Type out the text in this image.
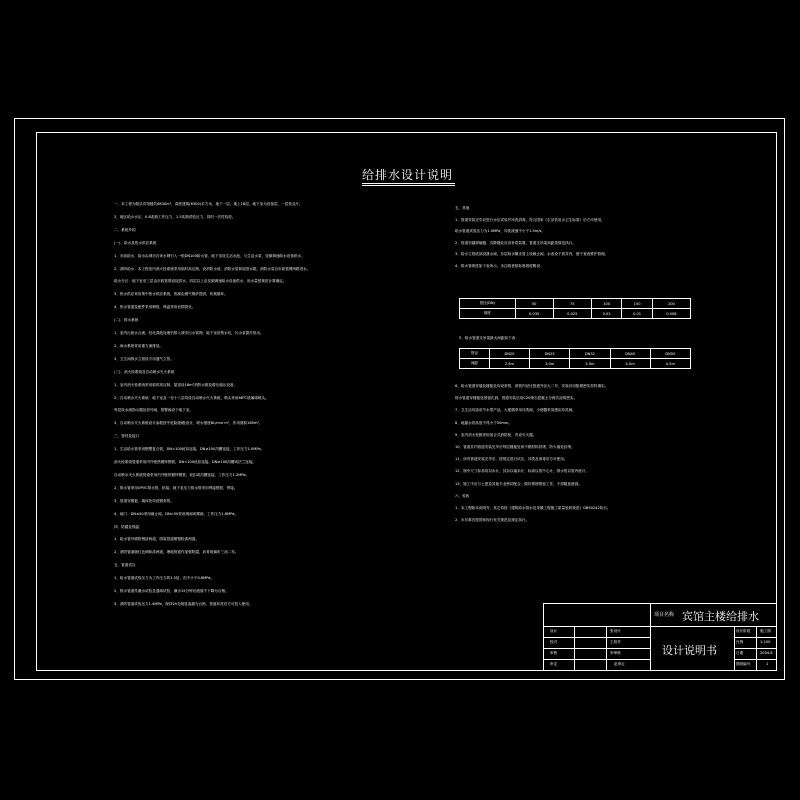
给排水设计说明
一、本工程为娱乐宾馆楼共6830m²，高度建筑(6300)平方米，地下一层，地上18层，地下室为设备层，一层营业厅。
2、地区给水水压，0.8兆帕工作压力，1.5兆帕试验压力，同时一次性验收。
二、系统介绍
(一)、给水及热水供应系统
1、市政给水，给水由城市自来水网引入一根DN100给水管，地下室设生活水池，与生活水泵、变频调速给水设备供水。
2、消防给水：本工程室内消火栓系统采用临时高压制，设消防水池、消防水泵和屋顶水箱，消防水泵自市政管网两路进水。
给水分区：地下室至三层由市政管网直接供水，四层以上由变频调速给水设备供水，用水量按规范计算确定。
3、热水供应采用集中热水供应系统，热源由燃气锅炉提供，机械循环。
4、热水管道及配件采用铜管，保温采用岩棉管壳。
(二)、排水系统
1、室内污废水合流，经化粪池处理后排入城市污水管网，地下室设集水坑，污水泵提升排出。
2、雨水系统采用重力流排放。
3、卫生间排水立管设专用通气立管。
(三)、消火栓系统及自动喷水灭火系统
1、室内消火栓系统采用临时高压制，屋顶设18m³消防水箱及增压稳压设备。
2、自动喷水灭火系统：地下室及一至十八层均设自动喷水灭火系统，喷头采用68℃玻璃球喷头。
每层设水流指示器及信号阀，报警阀设于地下室。
3、自动喷水灭火系统设计参数按中危险级Ⅰ级设计，喷水强度6L/min·m²，作用面积160m²。
三、管材及接口
1、生活给水管采用钢塑复合管，DN<100丝扣连接，DN≥100沟槽连接，工作压力1.0MPa。
消火栓系统管道采用内外壁热镀锌钢管，DN<100丝扣连接，DN≥100沟槽或法兰连接。
自动喷水灭火系统管道采用内外壁热镀锌钢管，丝扣或沟槽连接，工作压力1.2MPa。
2、排水管采用UPVC排水管，粘接；地下室压力排水管采用焊接钢管，焊接。
3、管道穿楼板、墙体处均设钢套管。
4、阀门：DN≤50采用截止阀，DN>50采用闸阀或蝶阀，工作压力1.6MPa。
四、防腐及保温
1、给水管外刷防锈漆两道，明装管道刷银粉漆两道。
2、消防管道刷红色调和漆两道，埋地管道作加强防腐，沥青玻璃布三油二布。
五、管道试压
1、给水管道试验压力为工作压力的1.5倍，但不小于0.6MPa。
2、排水管道作灌水试验及通球试验，满水15分钟后液面不下降为合格。
3、消防管道试验压力1.4MPa，保持2h无明显渗漏为合格，管道冲洗后方可投入使用。
五、其他
1、管道安装完毕应进行水压试验并冲洗消毒，符合国家《生活饮用水卫生标准》后方可使用，
给水管道试验压力为1.0MPa，冲洗流速不小于1.5m/s。
2、管道穿越伸缩缝、沉降缝处应设补偿装置，管道支吊架间距按规范执行。
3、给水立管底部设泄水阀，各层给水横支管上设截止阀，水表设于管井内，便于查表维护管理。
4、排水管坡度如下表所示，未注明者按标准坡度敷设：
5、给水管道支吊架最大间距如下表：
6、给水管道穿墙及楼板处均设套管，套管内径比管道外径大二号，安装后用阻燃密实材料填实。
排水管道穿楼板处预留孔洞，管道安装后用C20细石混凝土分两次浇筑密实。
7、卫生洁具选用节水型产品，大便器采用冲洗阀，小便器采用感应冲洗阀。
8、地漏水封高度不得小于50mm。
9、室内消火栓箱采用组合式消防柜，内设灭火器。
10、管道井内管道安装完毕后每层楼板处用不燃材料封堵，防火墙处封堵。
11、所有管道安装完毕后，按规定进行试压、冲洗及消毒后方可使用。
12、图中尺寸标高均以米计，其余以毫米计，标高以管中心计，排水管以管内底计。
13、施工中应与土建及其他专业密切配合，做好预埋预留工作，不得随意凿洞。
六、验收
1、本工程除本说明外，其它均按《建筑给水排水及采暖工程施工质量验收规范》GB50242执行。
2、未尽事宜按国家现行有关规范及规定执行。
管径(DN)	50	75	100	150	200
坡度	0.035	0.025	0.02	0.01	0.008
管径	DN20	DN25	DN32	DN40	DN50
间距	2.5m	3.0m	3.5m	4.0m	4.5m
项目名称 宾馆主楼给排水
设计说明书
设计	张设计
校对	王校对
审核	李审核
审定	赵审定
设计阶段	施工图
比例	1:100
日期	2004.6
图纸编号	1
